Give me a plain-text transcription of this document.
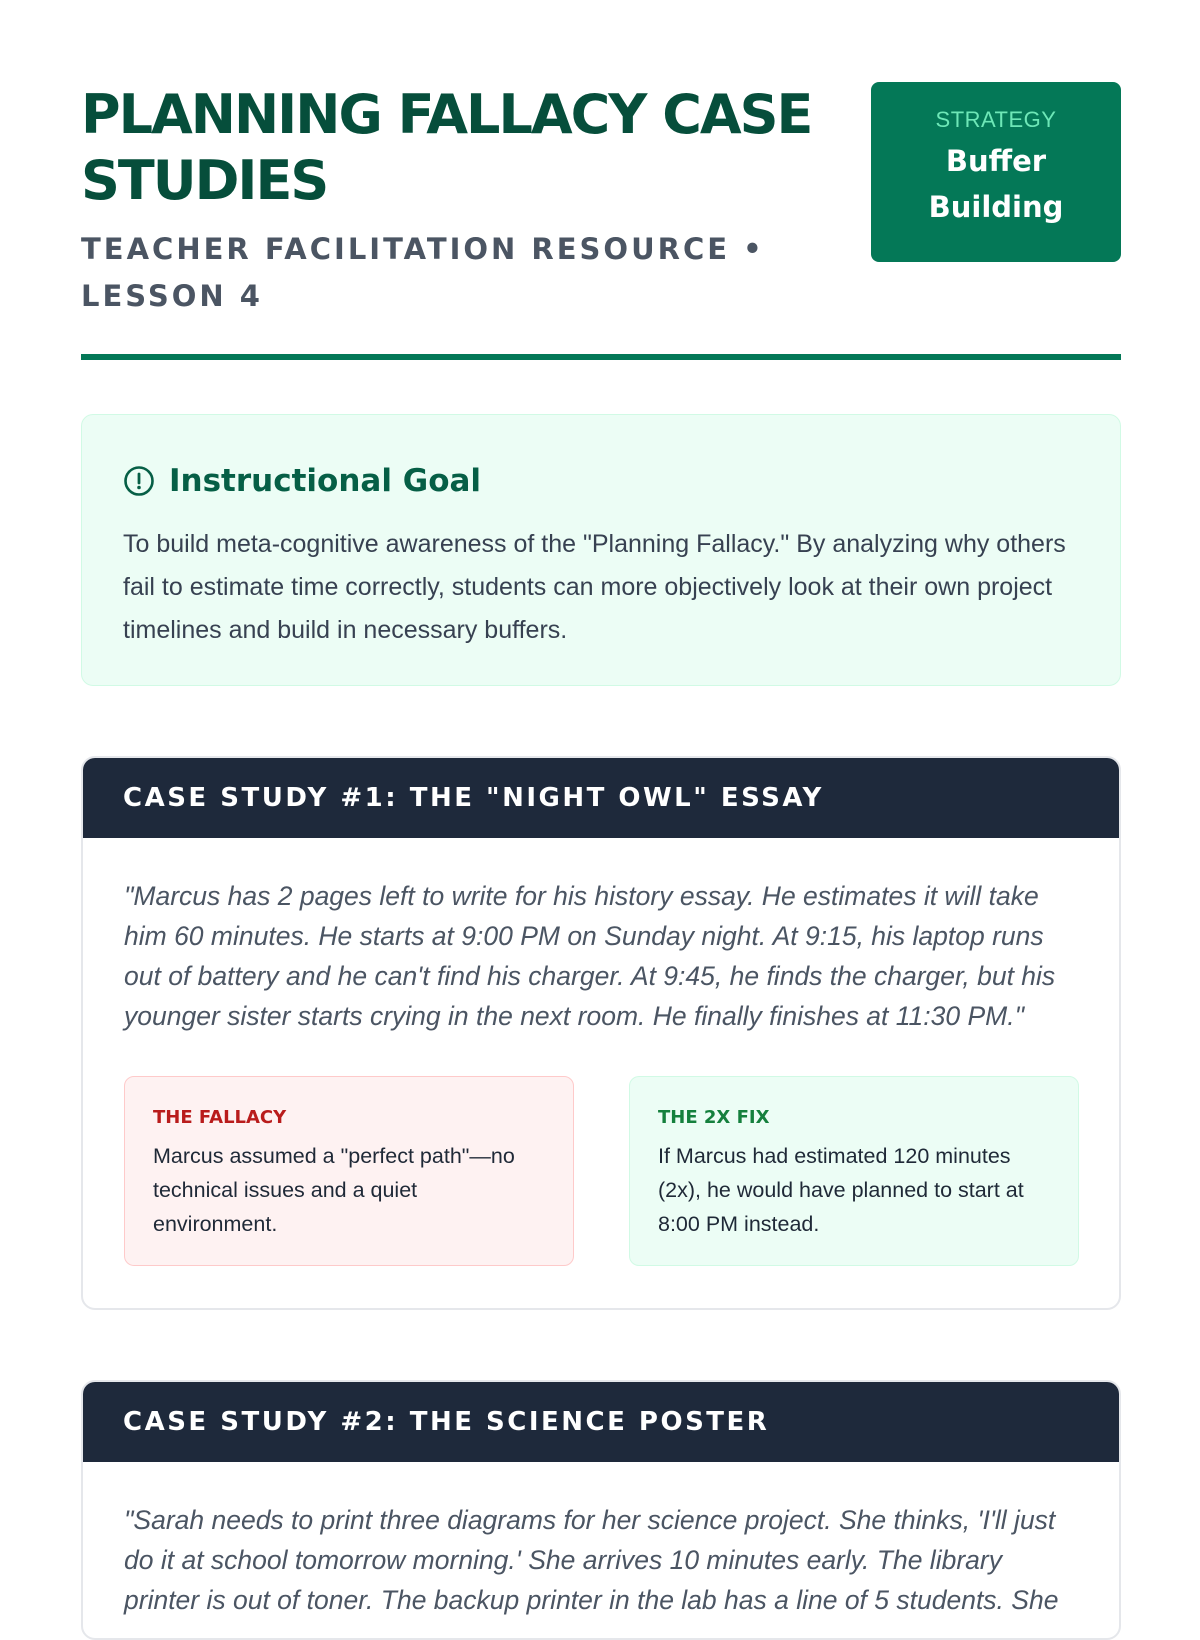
PLANNING FALLACY CASE STUDIES
TEACHER FACILITATION RESOURCE • LESSON 4
STRATEGY
Buffer Building
Instructional Goal

To build meta-cognitive awareness of the "Planning Fallacy." By analyzing why others fail to estimate time correctly, students can more objectively look at their own project timelines and build in necessary buffers.

CASE STUDY #1: THE "NIGHT OWL" ESSAY

"Marcus has 2 pages left to write for his history essay. He estimates it will take him 60 minutes. He starts at 9:00 PM on Sunday night. At 9:15, his laptop runs out of battery and he can't find his charger. At 9:45, he finds the charger, but his younger sister starts crying in the next room. He finally finishes at 11:30 PM."

THE FALLACY

Marcus assumed a "perfect path"—no technical issues and a quiet environment.

THE 2X FIX

If Marcus had estimated 120 minutes (2x), he would have planned to start at 8:00 PM instead.

CASE STUDY #2: THE SCIENCE POSTER

"Sarah needs to print three diagrams for her science project. She thinks, 'I'll just do it at school tomorrow morning.' She arrives 10 minutes early. The library printer is out of toner. The backup printer in the lab has a line of 5 students. She
